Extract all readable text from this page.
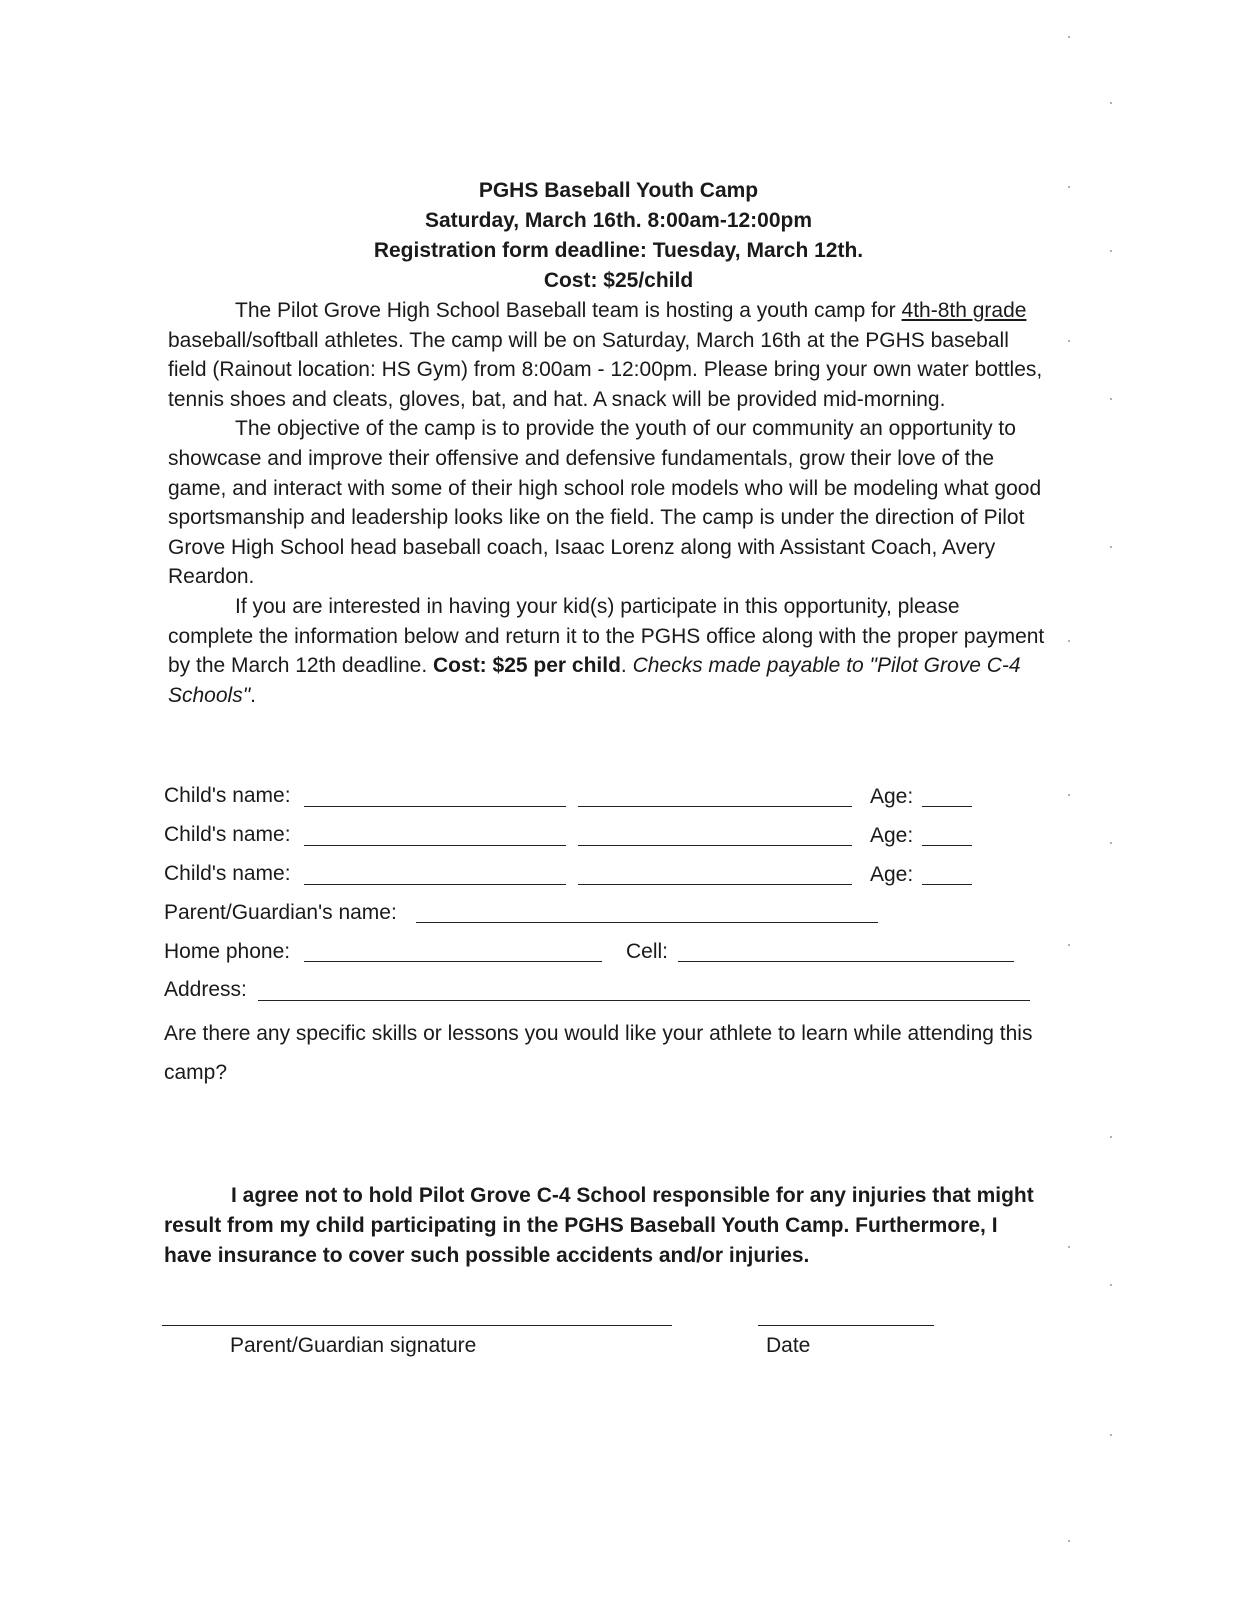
PGHS Baseball Youth Camp
Saturday, March 16th. 8:00am-12:00pm
Registration form deadline: Tuesday, March 12th.
Cost: $25/child

The Pilot Grove High School Baseball team is hosting a youth camp for 4th-8th grade baseball/softball athletes. The camp will be on Saturday, March 16th at the PGHS baseball field (Rainout location: HS Gym) from 8:00am - 12:00pm. Please bring your own water bottles, tennis shoes and cleats, gloves, bat, and hat. A snack will be provided mid-morning.

The objective of the camp is to provide the youth of our community an opportunity to showcase and improve their offensive and defensive fundamentals, grow their love of the game, and interact with some of their high school role models who will be modeling what good sportsmanship and leadership looks like on the field. The camp is under the direction of Pilot Grove High School head baseball coach, Isaac Lorenz along with Assistant Coach, Avery Reardon.

If you are interested in having your kid(s) participate in this opportunity, please complete the information below and return it to the PGHS office along with the proper payment by the March 12th deadline. Cost: $25 per child. Checks made payable to "Pilot Grove C-4 Schools".

Child's name:	Age:
Child's name:	Age:
Child's name:	Age:
Parent/Guardian's name:
Home phone:	Cell:
Address:
Are there any specific skills or lessons you would like your athlete to learn while attending this camp?

I agree not to hold Pilot Grove C-4 School responsible for any injuries that might result from my child participating in the PGHS Baseball Youth Camp. Furthermore, I have insurance to cover such possible accidents and/or injuries.

Parent/Guardian signature	Date
